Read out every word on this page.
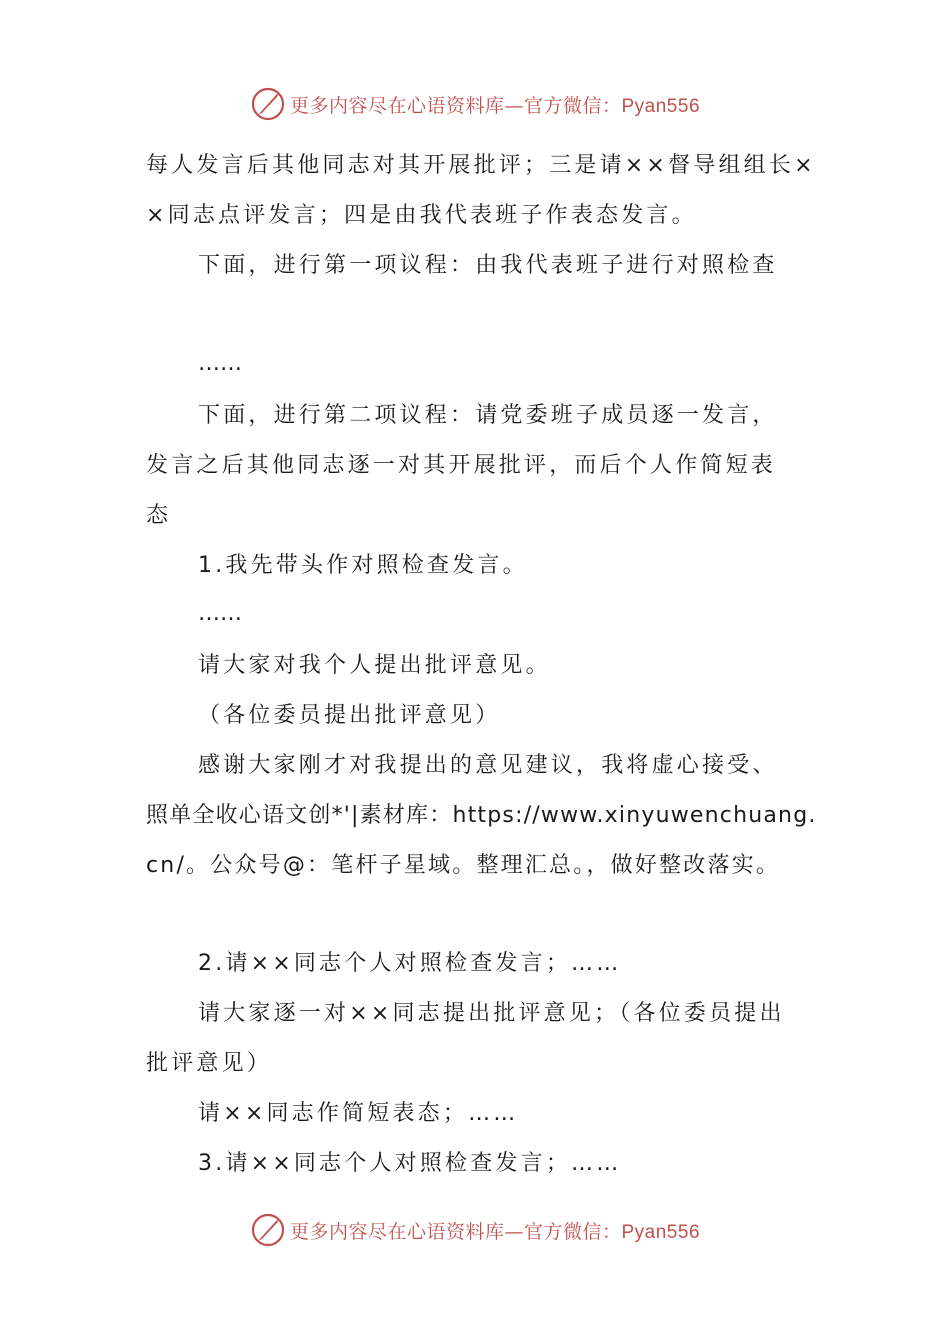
更多内容尽在心语资料库—官方微信：Pyan556
每人发言后其他同志对其开展批评；三是请××督导组组长×
×同志点评发言；四是由我代表班子作表态发言。
下面，进行第一项议程：由我代表班子进行对照检查
……
下面，进行第二项议程：请党委班子成员逐一发言，
发言之后其他同志逐一对其开展批评，而后个人作简短表
态
1.我先带头作对照检查发言。
……
请大家对我个人提出批评意见。
（各位委员提出批评意见）
感谢大家刚才对我提出的意见建议，我将虚心接受、
照单全收心语文创*'|素材库：https://www.xinyuwenchuang.
cn/。公众号@：笔杆子星域。整理汇总。，做好整改落实。
2.请××同志个人对照检查发言；……
请大家逐一对××同志提出批评意见；（各位委员提出
批评意见）
请××同志作简短表态；……
3.请××同志个人对照检查发言；……
更多内容尽在心语资料库—官方微信：Pyan556
